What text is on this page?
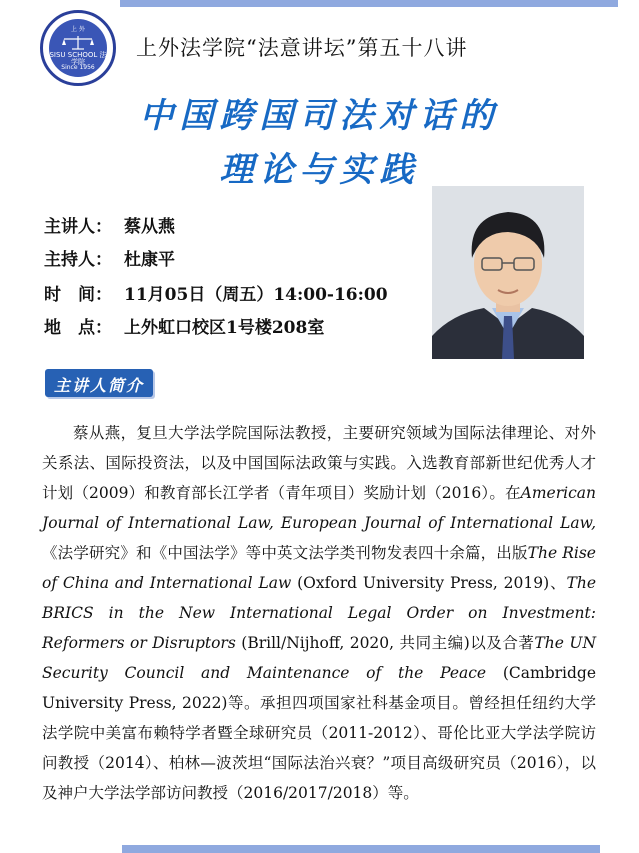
上 外
SISU SCHOOL 法学院
Since 1956
上外法学院“法意讲坛”第五十八讲
中国跨国司法对话的
理论与实践
主讲人： 蔡从燕
主持人： 杜康平
时　间： 11月05日（周五）14:00-16:00
地　点： 上外虹口校区1号楼208室
主讲人简介

蔡从燕，复旦大学法学院国际法教授，主要研究领域为国际法律理论、对外关系法、国际投资法，以及中国国际法政策与实践。入选教育部新世纪优秀人才计划（2009）和教育部长江学者（青年项目）奖励计划（2016）。在American Journal of International Law, European Journal of International Law,《法学研究》和《中国法学》等中英文法学类刊物发表四十余篇，出版The Rise of China and International Law (Oxford University Press, 2019)、The BRICS in the New International Legal Order on Investment: Reformers or Disruptors (Brill/Nijhoff, 2020, 共同主编)以及合著The UN Security Council and Maintenance of the Peace (Cambridge University Press, 2022)等。承担四项国家社科基金项目。曾经担任纽约大学法学院中美富布赖特学者暨全球研究员（2011-2012）、哥伦比亚大学法学院访问教授（2014）、柏林—波茨坦“国际法治兴衰？”项目高级研究员（2016），以及神户大学法学部访问教授（2016/2017/2018）等。
